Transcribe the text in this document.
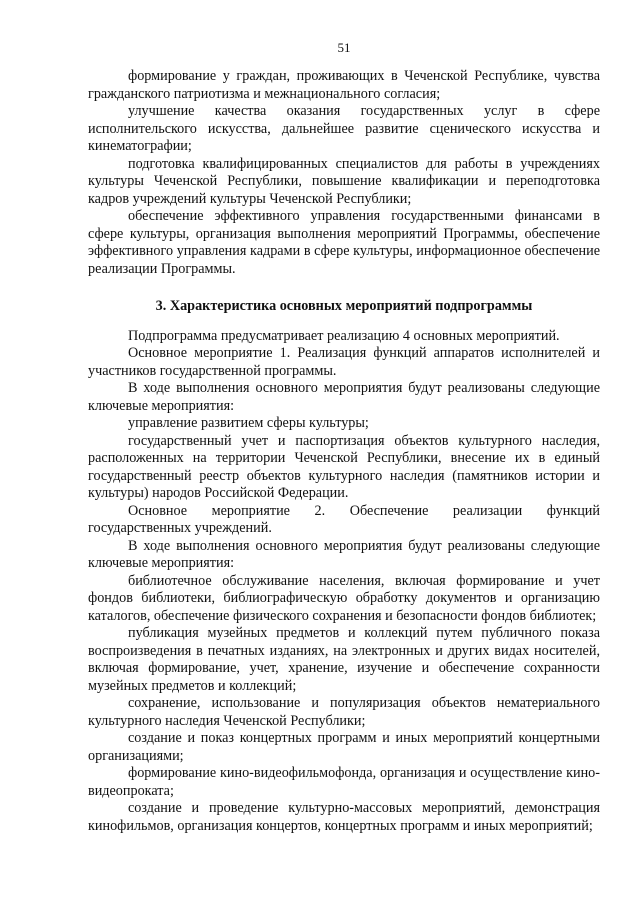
51

формирование у граждан, проживающих в Чеченской Республике, чувства гражданского патриотизма и межнационального согласия;

улучшение качества оказания государственных услуг в сфере исполнительского искусства, дальнейшее развитие сценического искусства и кинематографии;

подготовка квалифицированных специалистов для работы в учреждениях культуры Чеченской Республики, повышение квалификации и переподготовка кадров учреждений культуры Чеченской Республики;

обеспечение эффективного управления государственными финансами в сфере культуры, организация выполнения мероприятий Программы, обеспечение эффективного управления кадрами в сфере культуры, информационное обеспечение реализации Программы.

3. Характеристика основных мероприятий подпрограммы

Подпрограмма предусматривает реализацию 4 основных мероприятий.

Основное мероприятие 1. Реализация функций аппаратов исполнителей и участников государственной программы.

В ходе выполнения основного мероприятия будут реализованы следующие ключевые мероприятия:

управление развитием сферы культуры;

государственный учет и паспортизация объектов культурного наследия, расположенных на территории Чеченской Республики, внесение их в единый государственный реестр объектов культурного наследия (памятников истории и культуры) народов Российской Федерации.

Основное мероприятие 2. Обеспечение реализации функций государственных учреждений.

В ходе выполнения основного мероприятия будут реализованы следующие ключевые мероприятия:

библиотечное обслуживание населения, включая формирование и учет фондов библиотеки, библиографическую обработку документов и организацию каталогов, обеспечение физического сохранения и безопасности фондов библиотек;

публикация музейных предметов и коллекций путем публичного показа воспроизведения в печатных изданиях, на электронных и других видах носителей, включая формирование, учет, хранение, изучение и обеспечение сохранности музейных предметов и коллекций;

сохранение, использование и популяризация объектов нематериального культурного наследия Чеченской Республики;

создание и показ концертных программ и иных мероприятий концертными организациями;

формирование кино-видеофильмофонда, организация и осуществление кино-видеопроката;

создание и проведение культурно-массовых мероприятий, демонстрация кинофильмов, организация концертов, концертных программ и иных мероприятий;
